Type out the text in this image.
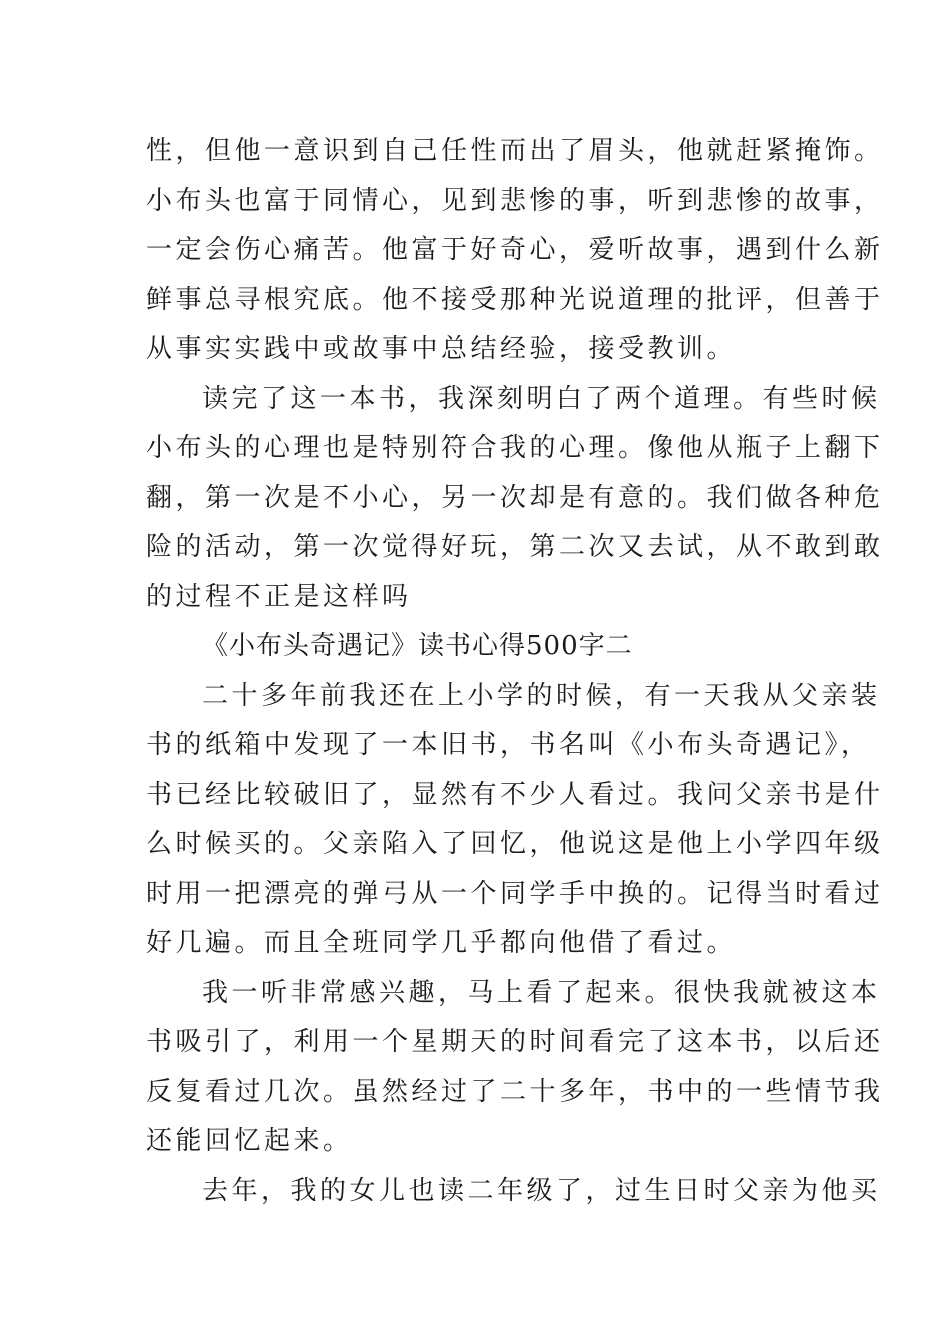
性，但他一意识到自己任性而出了眉头，他就赶紧掩饰。
小布头也富于同情心，见到悲惨的事，听到悲惨的故事，
一定会伤心痛苦。他富于好奇心，爱听故事，遇到什么新
鲜事总寻根究底。他不接受那种光说道理的批评，但善于
从事实实践中或故事中总结经验，接受教训。
读完了这一本书，我深刻明白了两个道理。有些时候
小布头的心理也是特别符合我的心理。像他从瓶子上翻下
翻，第一次是不小心，另一次却是有意的。我们做各种危
险的活动，第一次觉得好玩，第二次又去试，从不敢到敢
的过程不正是这样吗
《小布头奇遇记》读书心得500字二
二十多年前我还在上小学的时候，有一天我从父亲装
书的纸箱中发现了一本旧书，书名叫《小布头奇遇记》，
书已经比较破旧了，显然有不少人看过。我问父亲书是什
么时候买的。父亲陷入了回忆，他说这是他上小学四年级
时用一把漂亮的弹弓从一个同学手中换的。记得当时看过
好几遍。而且全班同学几乎都向他借了看过。
我一听非常感兴趣，马上看了起来。很快我就被这本
书吸引了，利用一个星期天的时间看完了这本书，以后还
反复看过几次。虽然经过了二十多年，书中的一些情节我
还能回忆起来。
去年，我的女儿也读二年级了，过生日时父亲为他买
